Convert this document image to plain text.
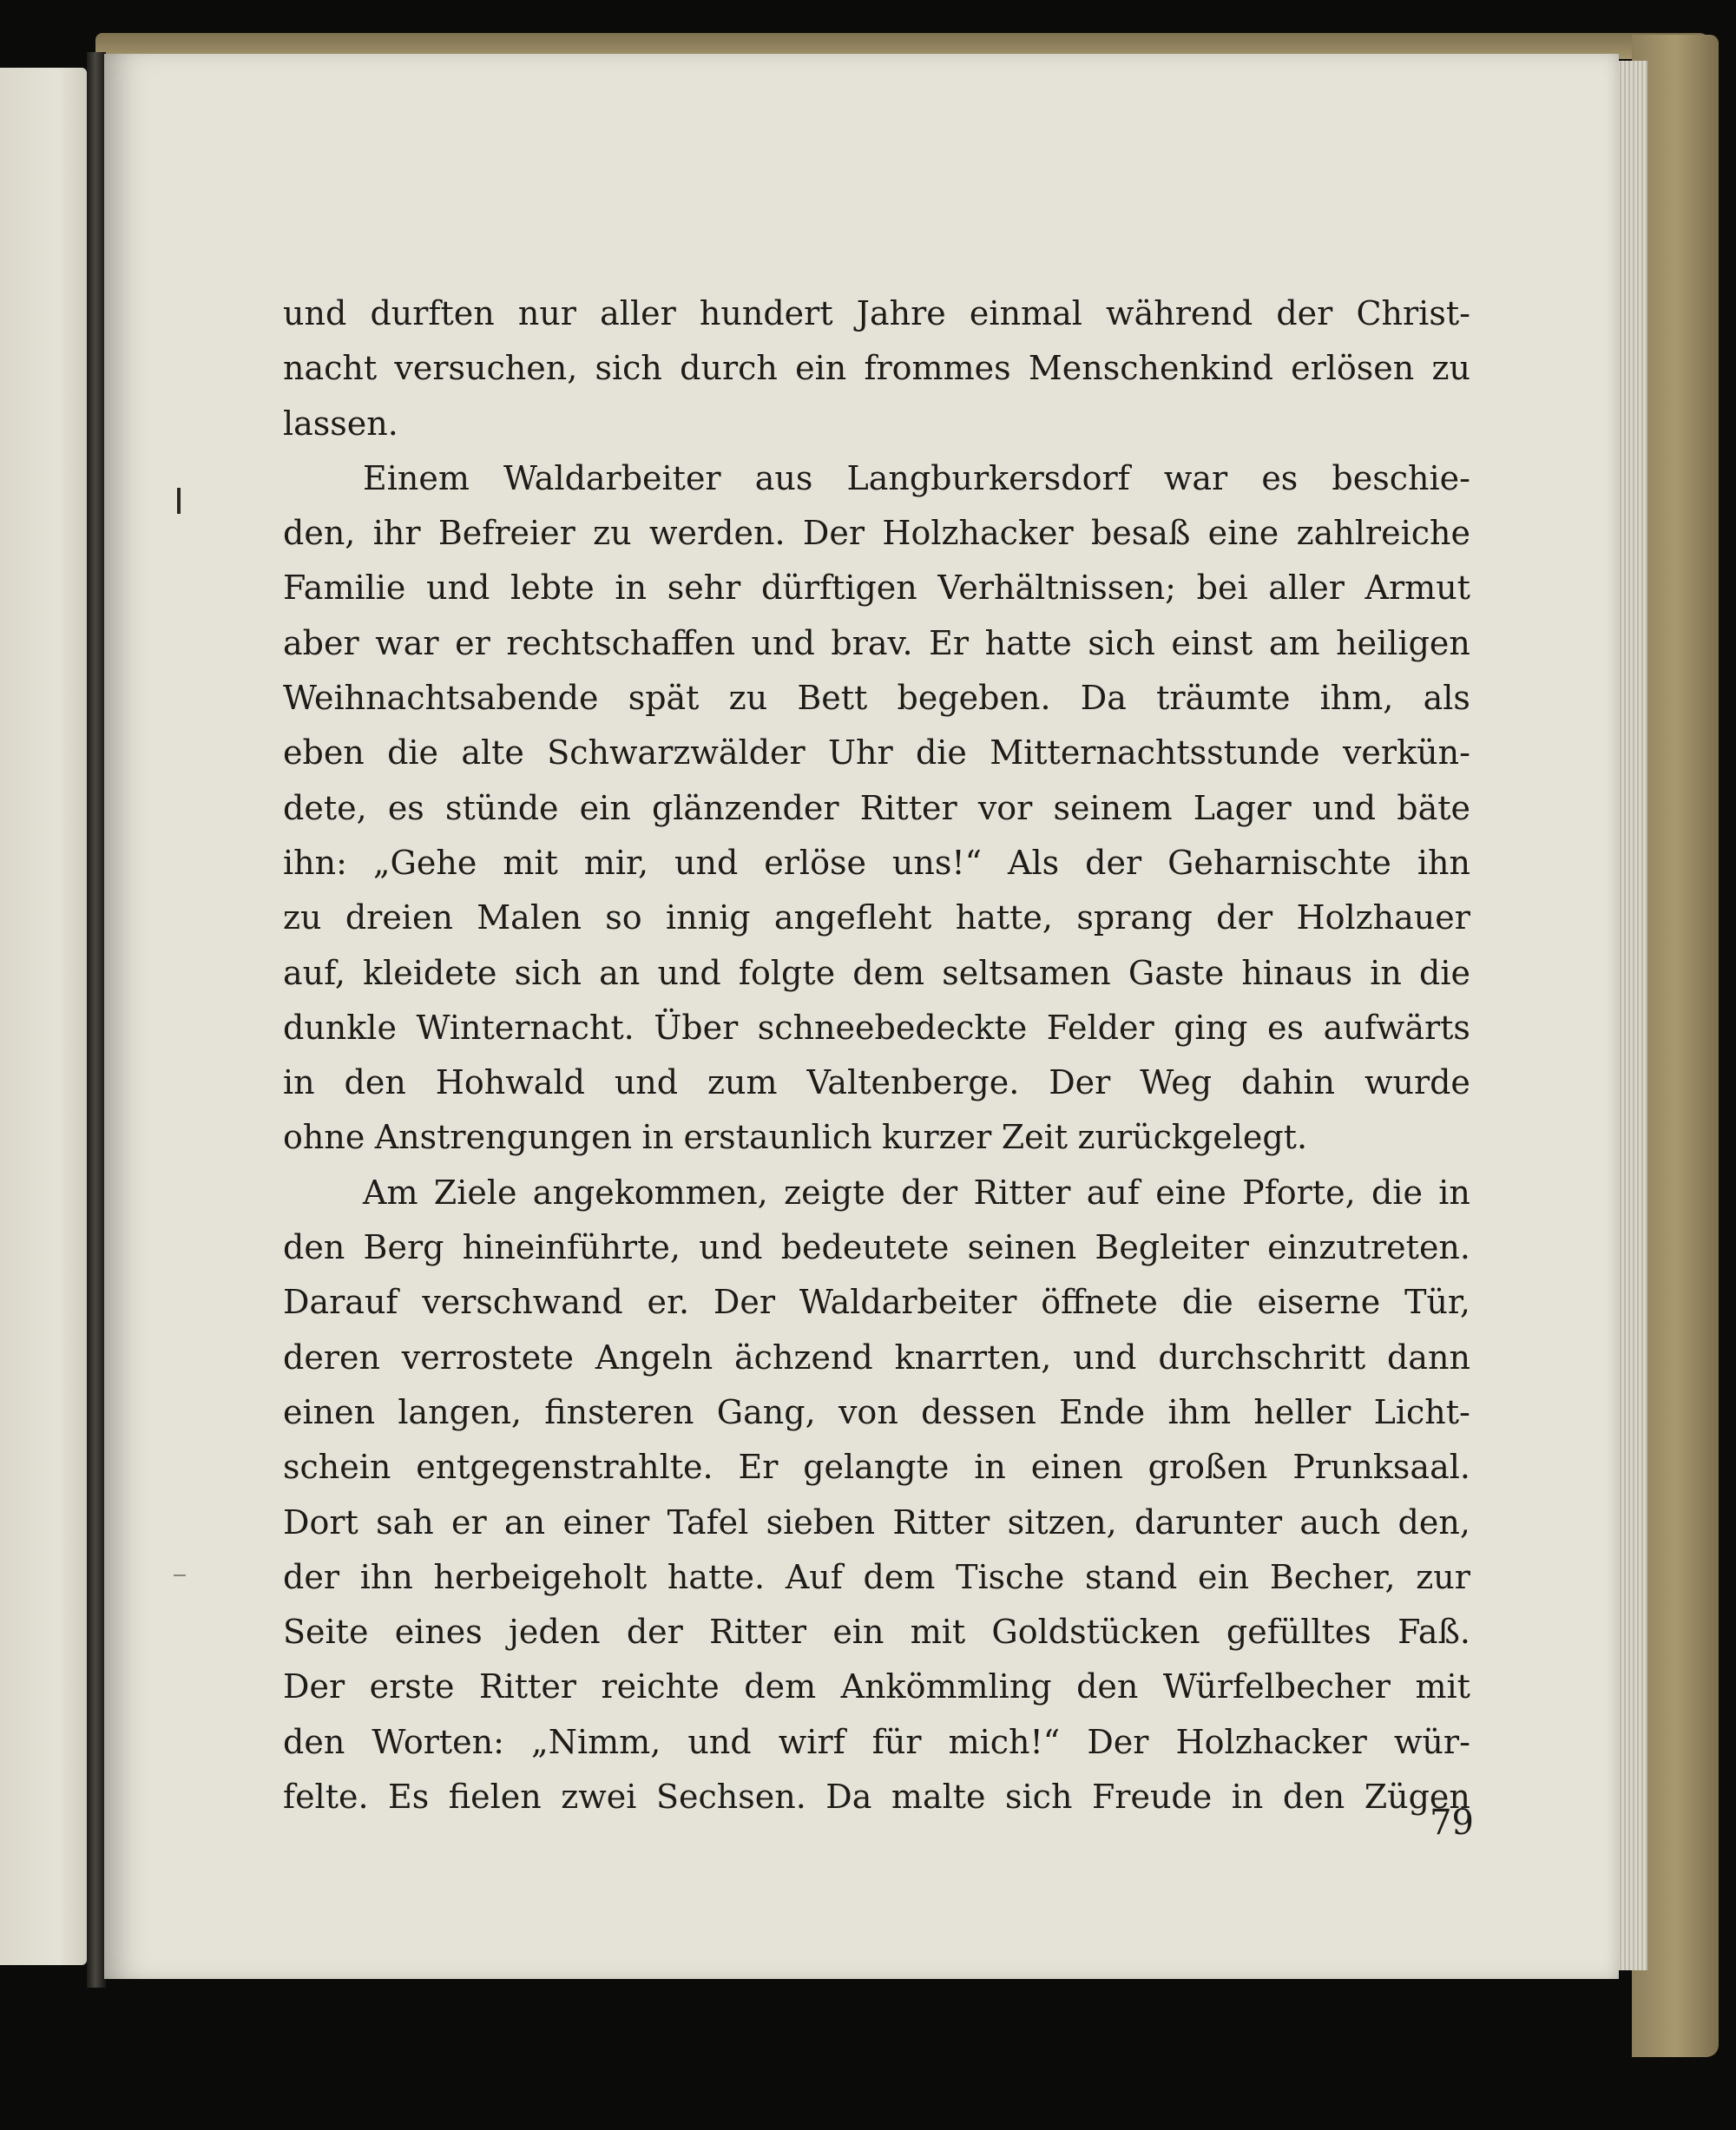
und durften nur aller hundert Jahre einmal während der Christ-
nacht versuchen, sich durch ein frommes Menschenkind erlösen zu
lassen.
Einem Waldarbeiter aus Langburkersdorf war es beschie-
den, ihr Befreier zu werden. Der Holzhacker besaß eine zahlreiche
Familie und lebte in sehr dürftigen Verhältnissen; bei aller Armut
aber war er rechtschaffen und brav. Er hatte sich einst am heiligen
Weihnachtsabende spät zu Bett begeben. Da träumte ihm, als
eben die alte Schwarzwälder Uhr die Mitternachtsstunde verkün-
dete, es stünde ein glänzender Ritter vor seinem Lager und bäte
ihn: „Gehe mit mir, und erlöse uns!“ Als der Geharnischte ihn
zu dreien Malen so innig angefleht hatte, sprang der Holzhauer
auf, kleidete sich an und folgte dem seltsamen Gaste hinaus in die
dunkle Winternacht. Über schneebedeckte Felder ging es aufwärts
in den Hohwald und zum Valtenberge. Der Weg dahin wurde
ohne Anstrengungen in erstaunlich kurzer Zeit zurückgelegt.
Am Ziele angekommen, zeigte der Ritter auf eine Pforte, die in
den Berg hineinführte, und bedeutete seinen Begleiter einzutreten.
Darauf verschwand er. Der Waldarbeiter öffnete die eiserne Tür,
deren verrostete Angeln ächzend knarrten, und durchschritt dann
einen langen, finsteren Gang, von dessen Ende ihm heller Licht-
schein entgegenstrahlte. Er gelangte in einen großen Prunksaal.
Dort sah er an einer Tafel sieben Ritter sitzen, darunter auch den,
der ihn herbeigeholt hatte. Auf dem Tische stand ein Becher, zur
Seite eines jeden der Ritter ein mit Goldstücken gefülltes Faß.
Der erste Ritter reichte dem Ankömmling den Würfelbecher mit
den Worten: „Nimm, und wirf für mich!“ Der Holzhacker wür-
felte. Es fielen zwei Sechsen. Da malte sich Freude in den Zügen
79
